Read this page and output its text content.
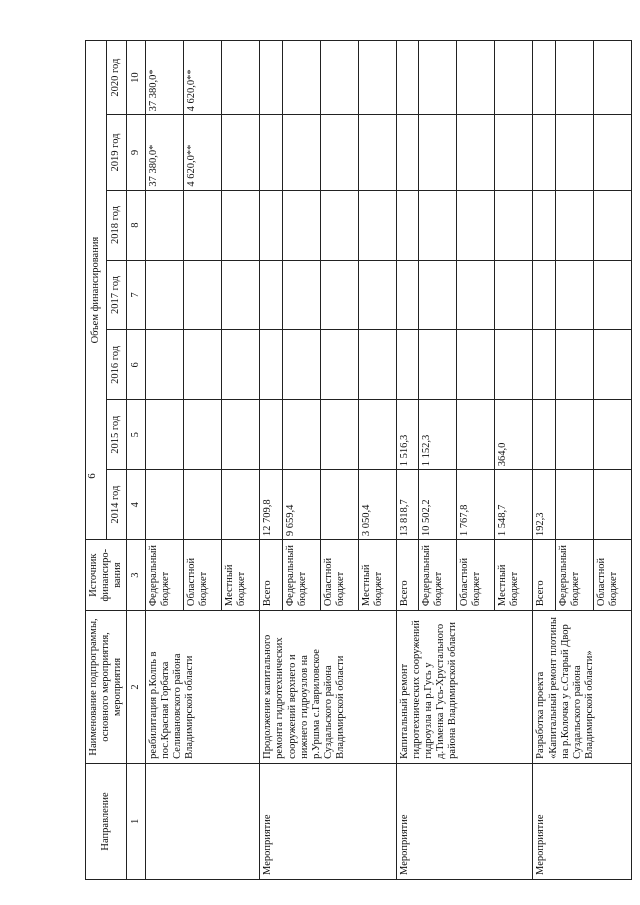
6
Направление	Наименование подпрограммы, основного мероприятия, мероприятия	Источник финансиро-вания	Объем финансирования						
			2014 год	2015 год	2016 год	2017 год	2018 год	2019 год	2020 год
1	2	3	4	5	6	7	8	9	10
	реабилитация р.Колпь в пос.Красная Горбатка Селивановского района Владимирской области	Федеральный бюджет						37 380,0*	37 380,0*
		Областной бюджет						4 620,0**	4 620,0**
		Местный бюджет							
Мероприятие	Продолжение капитального ремонта гидротехнических сооружений верхнего и нижнего гидроузлов на р.Уршма с.Гавриловское Суздальского района Владимирской области	Всего	12 709,8						
		Федеральный бюджет	9 659,4						
		Областной бюджет							
		Местный бюджет	3 050,4						
Мероприятие	Капитальный ремонт гидротехнических сооружений гидроузла на р.Гусь у д.Тименка Гусь-Хрустального района Владимирской области	Всего	13 818,7	1 516,3					
		Федеральный бюджет	10 502,2	1 152,3					
		Областной бюджет	1 767,8						
		Местный бюджет	1 548,7	364,0					
Мероприятие	Разработка проекта «Капитальный ремонт плотины на р.Колочка у с.Старый Двор Суздальского района Владимирской области»	Всего	192,3						
		Федеральный бюджет							
		Областной бюджет							
